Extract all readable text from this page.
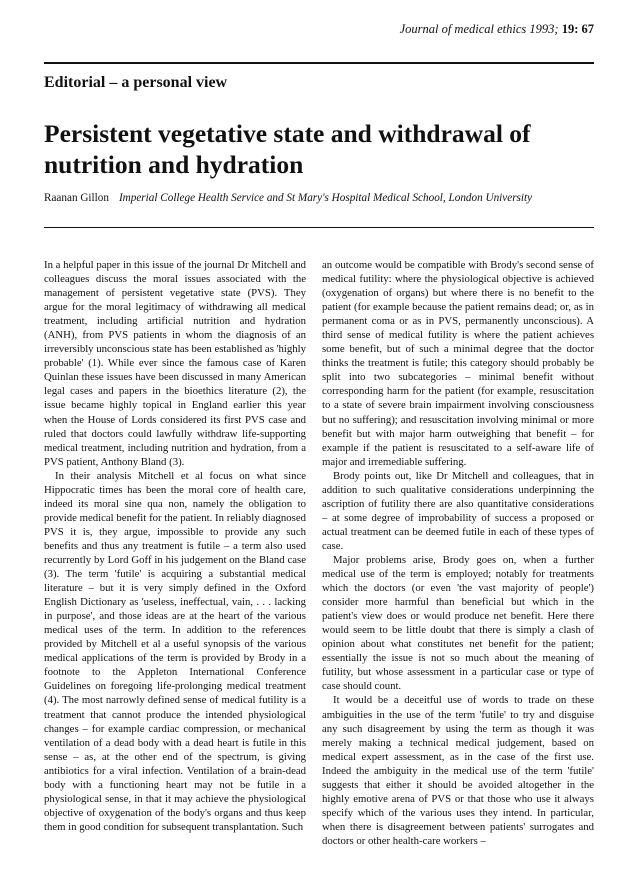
Journal of medical ethics 1993; 19: 67
Editorial – a personal view
Persistent vegetative state and withdrawal of nutrition and hydration
Raanan Gillon Imperial College Health Service and St Mary's Hospital Medical School, London University

In a helpful paper in this issue of the journal Dr Mitchell and colleagues discuss the moral issues associated with the management of persistent vegetative state (PVS). They argue for the moral legitimacy of withdrawing all medical treatment, including artificial nutrition and hydration (ANH), from PVS patients in whom the diagnosis of an irreversibly unconscious state has been established as 'highly probable' (1). While ever since the famous case of Karen Quinlan these issues have been discussed in many American legal cases and papers in the bioethics literature (2), the issue became highly topical in England earlier this year when the House of Lords considered its first PVS case and ruled that doctors could lawfully withdraw life-supporting medical treatment, including nutrition and hydration, from a PVS patient, Anthony Bland (3).

In their analysis Mitchell et al focus on what since Hippocratic times has been the moral core of health care, indeed its moral sine qua non, namely the obligation to provide medical benefit for the patient. In reliably diagnosed PVS it is, they argue, impossible to provide any such benefits and thus any treatment is futile – a term also used recurrently by Lord Goff in his judgement on the Bland case (3). The term 'futile' is acquiring a substantial medical literature – but it is very simply defined in the Oxford English Dictionary as 'useless, ineffectual, vain, . . . lacking in purpose', and those ideas are at the heart of the various medical uses of the term. In addition to the references provided by Mitchell et al a useful synopsis of the various medical applications of the term is provided by Brody in a footnote to the Appleton International Conference Guidelines on foregoing life-prolonging medical treatment (4). The most narrowly defined sense of medical futility is a treatment that cannot produce the intended physiological changes – for example cardiac compression, or mechanical ventilation of a dead body with a dead heart is futile in this sense – as, at the other end of the spectrum, is giving antibiotics for a viral infection. Ventilation of a brain-dead body with a functioning heart may not be futile in a physiological sense, in that it may achieve the physiological objective of oxygenation of the body's organs and thus keep them in good condition for subsequent transplantation. Such

an outcome would be compatible with Brody's second sense of medical futility: where the physiological objective is achieved (oxygenation of organs) but where there is no benefit to the patient (for example because the patient remains dead; or, as in permanent coma or as in PVS, permanently unconscious). A third sense of medical futility is where the patient achieves some benefit, but of such a minimal degree that the doctor thinks the treatment is futile; this category should probably be split into two subcategories – minimal benefit without corresponding harm for the patient (for example, resuscitation to a state of severe brain impairment involving consciousness but no suffering); and resuscitation involving minimal or more benefit but with major harm outweighing that benefit – for example if the patient is resuscitated to a self-aware life of major and irremediable suffering.

Brody points out, like Dr Mitchell and colleagues, that in addition to such qualitative considerations underpinning the ascription of futility there are also quantitative considerations – at some degree of improbability of success a proposed or actual treatment can be deemed futile in each of these types of case.

Major problems arise, Brody goes on, when a further medical use of the term is employed; notably for treatments which the doctors (or even 'the vast majority of people') consider more harmful than beneficial but which in the patient's view does or would produce net benefit. Here there would seem to be little doubt that there is simply a clash of opinion about what constitutes net benefit for the patient; essentially the issue is not so much about the meaning of futility, but whose assessment in a particular case or type of case should count.

It would be a deceitful use of words to trade on these ambiguities in the use of the term 'futile' to try and disguise any such disagreement by using the term as though it was merely making a technical medical judgement, based on medical expert assessment, as in the case of the first use. Indeed the ambiguity in the medical use of the term 'futile' suggests that either it should be avoided altogether in the highly emotive arena of PVS or that those who use it always specify which of the various uses they intend. In particular, when there is disagreement between patients' surrogates and doctors or other health-care workers –
